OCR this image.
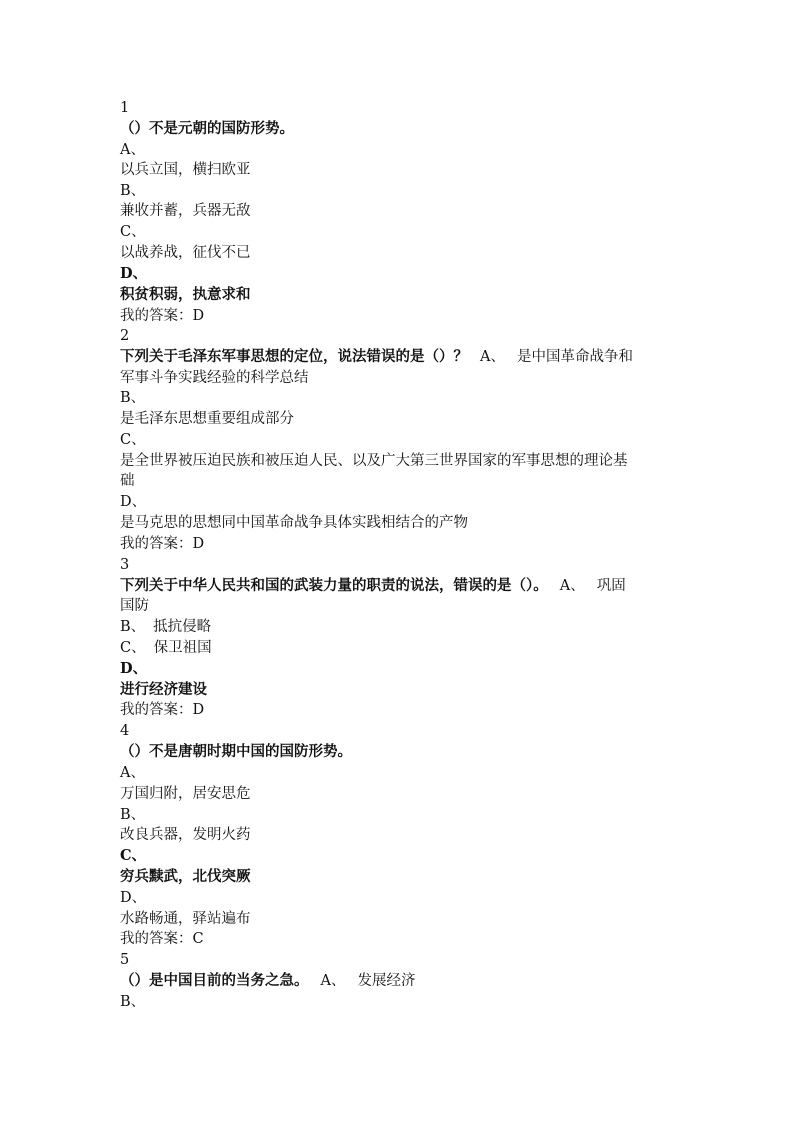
1
（）不是元朝的国防形势。
A、
以兵立国，横扫欧亚
B、
兼收并蓄，兵器无敌
C、
以战养战，征伐不已
D、
积贫积弱，执意求和
我的答案：D
2
下列关于毛泽东军事思想的定位，说法错误的是（）？ A、 是中国革命战争和
军事斗争实践经验的科学总结
B、
是毛泽东思想重要组成部分
C、
是全世界被压迫民族和被压迫人民、以及广大第三世界国家的军事思想的理论基
础
D、
是马克思的思想同中国革命战争具体实践相结合的产物
我的答案：D
3
下列关于中华人民共和国的武装力量的职责的说法，错误的是（）。 A、 巩固
国防
B、 抵抗侵略
C、 保卫祖国
D、
进行经济建设
我的答案：D
4
（）不是唐朝时期中国的国防形势。
A、
万国归附，居安思危
B、
改良兵器，发明火药
C、
穷兵黩武，北伐突厥
D、
水路畅通，驿站遍布
我的答案：C
5
（）是中国目前的当务之急。 A、 发展经济
B、
